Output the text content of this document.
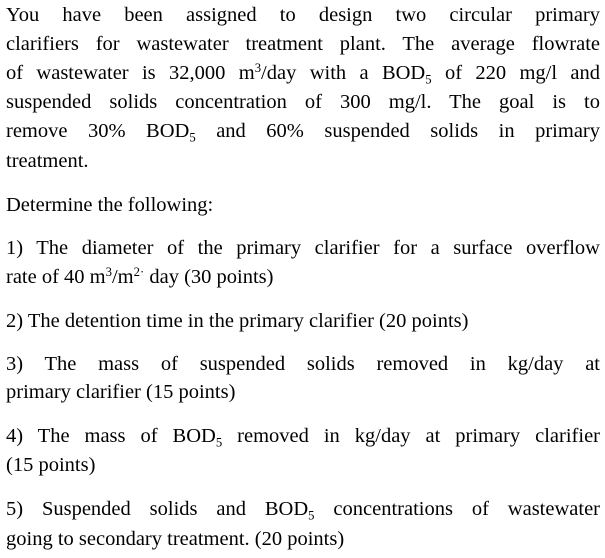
You have been assigned to design two circular primary
clarifiers for wastewater treatment plant. The average flowrate
of wastewater is 32,000 $m^3$/day with a $BOD_5$ of 220 mg/l and
suspended solids concentration of 300 mg/l. The goal is to
remove 30% $BOD_5$ and 60% suspended solids in primary
treatment.
Determine the following:
1) The diameter of the primary clarifier for a surface overflow
rate of 40 $m^3/m^{2\cdot}$ day (30 points)
2) The detention time in the primary clarifier (20 points)
3) The mass of suspended solids removed in kg/day at
primary clarifier (15 points)
4) The mass of $BOD_5$ removed in kg/day at primary clarifier
(15 points)
5) Suspended solids and $BOD_5$ concentrations of wastewater
going to secondary treatment. (20 points)
